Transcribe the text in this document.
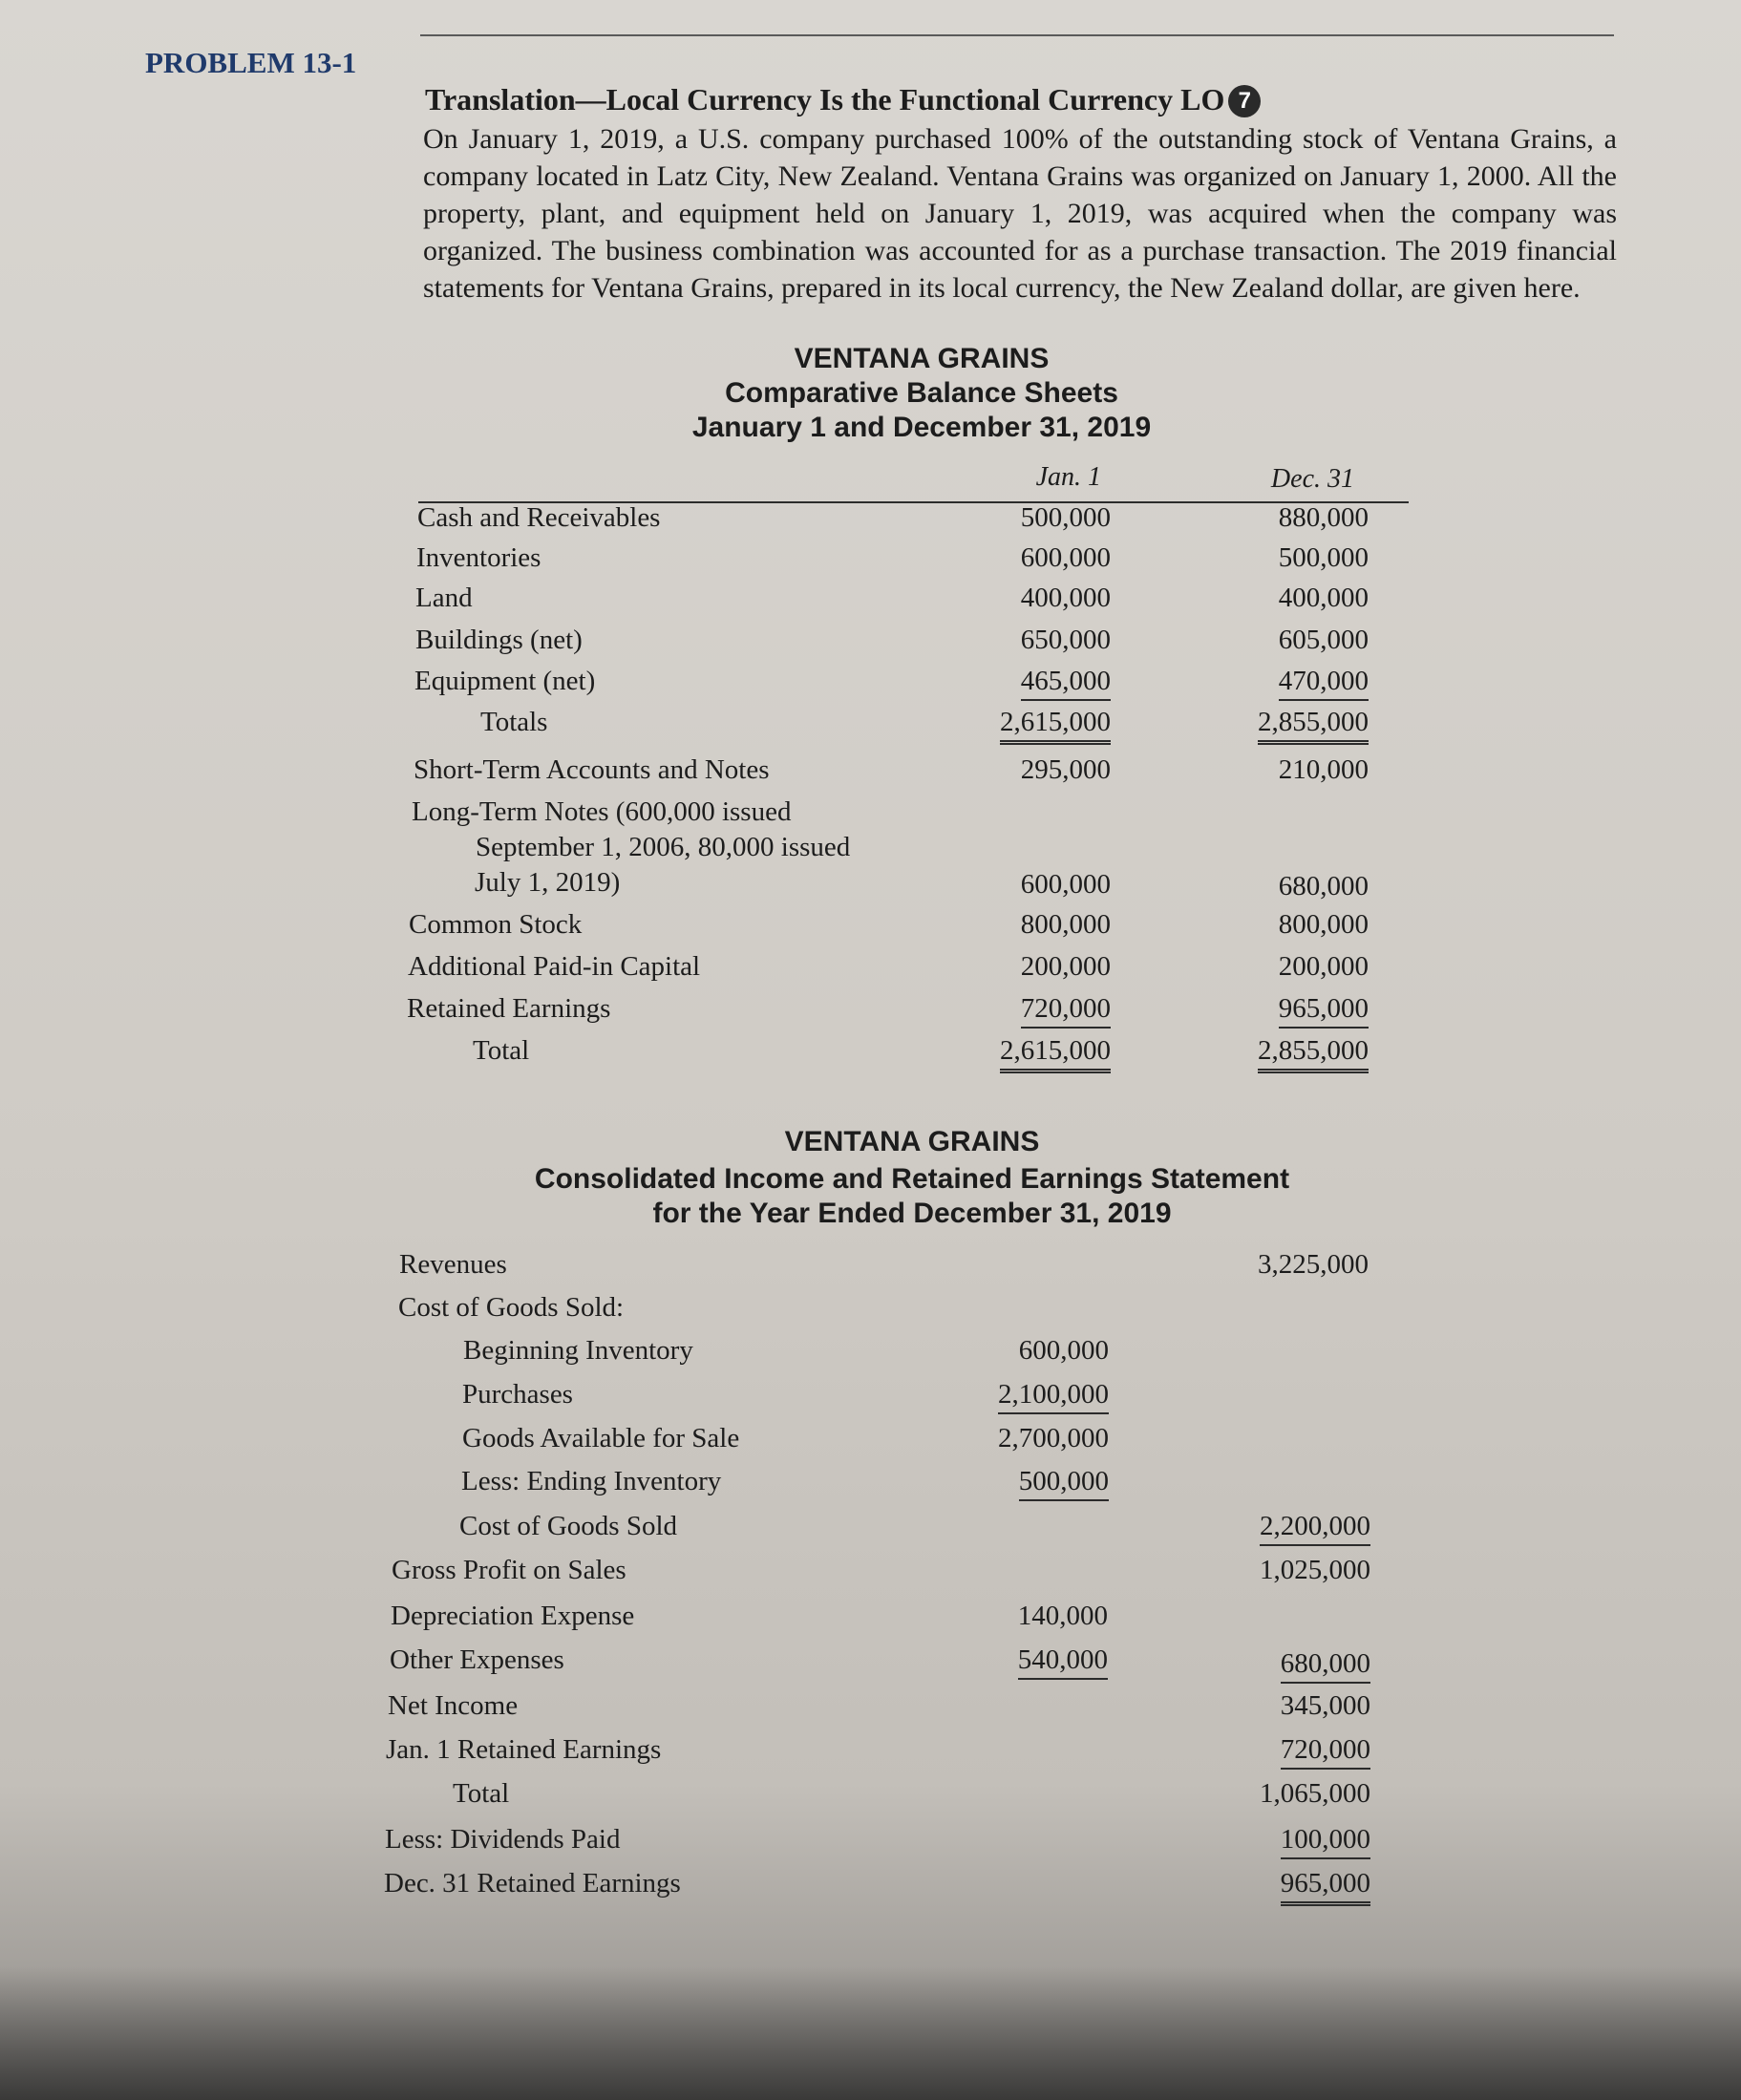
PROBLEM 13-1
Translation—Local Currency Is the Functional Currency LO 7
On January 1, 2019, a U.S. company purchased 100% of the outstanding stock of Ventana Grains, a company located in Latz City, New Zealand. Ventana Grains was organized on January 1, 2000. All the property, plant, and equipment held on January 1, 2019, was acquired when the company was organized. The business combination was accounted for as a purchase transaction. The 2019 financial statements for Ventana Grains, prepared in its local currency, the New Zealand dollar, are given here.
VENTANA GRAINS
Comparative Balance Sheets
January 1 and December 31, 2019
Jan. 1	Dec. 31
Cash and Receivables	500,000	880,000
Inventories	600,000	500,000
Land	400,000	400,000
Buildings (net)	650,000	605,000
Equipment (net)	465,000	470,000
Totals	2,615,000	2,855,000
Short-Term Accounts and Notes	295,000	210,000
Long-Term Notes (600,000 issued
September 1, 2006, 80,000 issued
July 1, 2019)	600,000	680,000
Common Stock	800,000	800,000
Additional Paid-in Capital	200,000	200,000
Retained Earnings	720,000	965,000
Total	2,615,000	2,855,000
VENTANA GRAINS
Consolidated Income and Retained Earnings Statement
for the Year Ended December 31, 2019
Revenues	3,225,000
Cost of Goods Sold:
Beginning Inventory	600,000
Purchases	2,100,000
Goods Available for Sale	2,700,000
Less: Ending Inventory	500,000
Cost of Goods Sold	2,200,000
Gross Profit on Sales	1,025,000
Depreciation Expense	140,000
Other Expenses	540,000	680,000
Net Income	345,000
Jan. 1 Retained Earnings	720,000
Total	1,065,000
Less: Dividends Paid	100,000
Dec. 31 Retained Earnings	965,000
